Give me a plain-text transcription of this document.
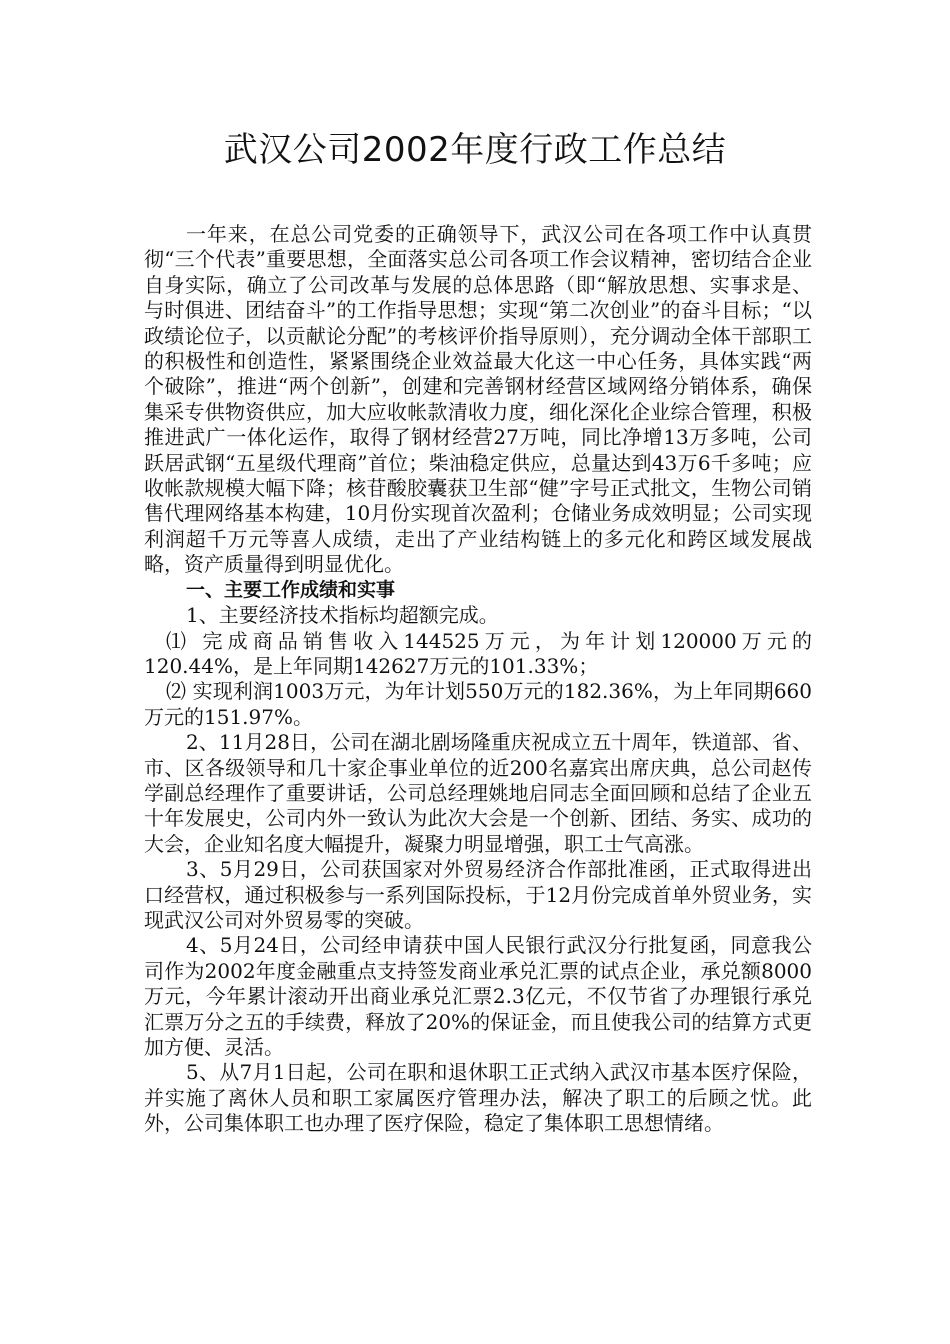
武汉公司2002年度行政工作总结

一年来，在总公司党委的正确领导下，武汉公司在各项工作中认真贯彻“三个代表”重要思想，全面落实总公司各项工作会议精神，密切结合企业自身实际，确立了公司改革与发展的总体思路（即“解放思想、实事求是、与时俱进、团结奋斗”的工作指导思想；实现“第二次创业”的奋斗目标；“以政绩论位子，以贡献论分配”的考核评价指导原则），充分调动全体干部职工的积极性和创造性，紧紧围绕企业效益最大化这一中心任务，具体实践“两个破除”，推进“两个创新”，创建和完善钢材经营区域网络分销体系，确保集采专供物资供应，加大应收帐款清收力度，细化深化企业综合管理，积极推进武广一体化运作，取得了钢材经营27万吨，同比净增13万多吨，公司跃居武钢“五星级代理商”首位；柴油稳定供应，总量达到43万6千多吨；应收帐款规模大幅下降；核苷酸胶囊获卫生部“健”字号正式批文，生物公司销售代理网络基本构建，10月份实现首次盈利；仓储业务成效明显；公司实现利润超千万元等喜人成绩，走出了产业结构链上的多元化和跨区域发展战略，资产质量得到明显优化。

一、主要工作成绩和实事

1、主要经济技术指标均超额完成。

⑴ 完成商品销售收入144525万元，为年计划120000万元的120.44%，是上年同期142627万元的101.33%；

⑵ 实现利润1003万元，为年计划550万元的182.36%，为上年同期660万元的151.97%。

2、11月28日，公司在湖北剧场隆重庆祝成立五十周年，铁道部、省、市、区各级领导和几十家企事业单位的近200名嘉宾出席庆典，总公司赵传学副总经理作了重要讲话，公司总经理姚地启同志全面回顾和总结了企业五十年发展史，公司内外一致认为此次大会是一个创新、团结、务实、成功的大会，企业知名度大幅提升，凝聚力明显增强，职工士气高涨。

3、5月29日，公司获国家对外贸易经济合作部批准函，正式取得进出口经营权，通过积极参与一系列国际投标，于12月份完成首单外贸业务，实现武汉公司对外贸易零的突破。

4、5月24日，公司经申请获中国人民银行武汉分行批复函，同意我公司作为2002年度金融重点支持签发商业承兑汇票的试点企业，承兑额8000万元，今年累计滚动开出商业承兑汇票2.3亿元，不仅节省了办理银行承兑汇票万分之五的手续费，释放了20%的保证金，而且使我公司的结算方式更加方便、灵活。

5、从7月1日起，公司在职和退休职工正式纳入武汉市基本医疗保险，并实施了离休人员和职工家属医疗管理办法，解决了职工的后顾之忧。此外，公司集体职工也办理了医疗保险，稳定了集体职工思想情绪。
